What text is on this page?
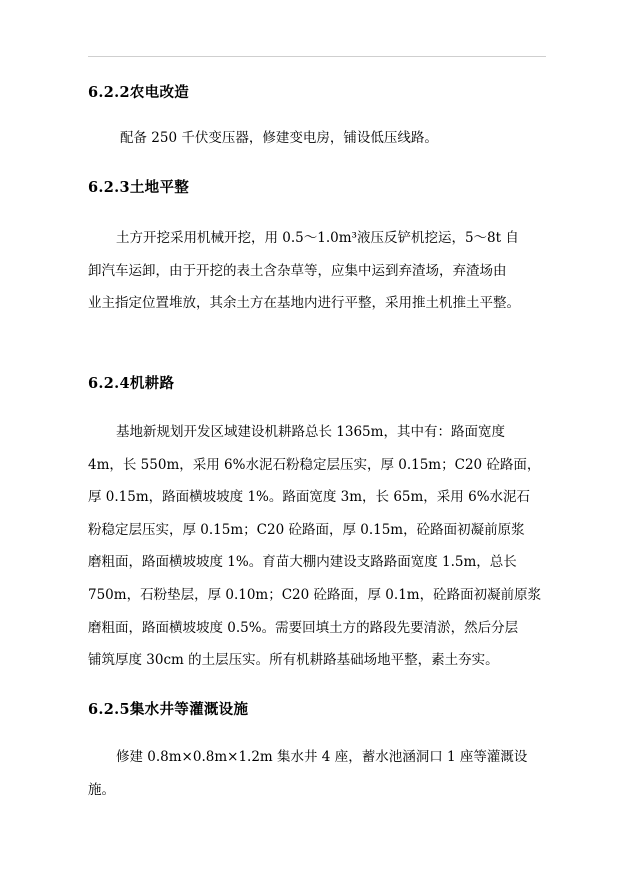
6.2.2农电改造
配备 250 千伏变压器，修建变电房，铺设低压线路。
6.2.3土地平整
土方开挖采用机械开挖，用 0.5～1.0m³液压反铲机挖运，5～8t 自
卸汽车运卸，由于开挖的表土含杂草等，应集中运到弃渣场，弃渣场由
业主指定位置堆放，其余土方在基地内进行平整，采用推土机推土平整。
6.2.4机耕路
基地新规划开发区域建设机耕路总长 1365m，其中有：路面宽度
4m，长 550m，采用 6%水泥石粉稳定层压实，厚 0.15m；C20 砼路面，
厚 0.15m，路面横坡坡度 1%。路面宽度 3m，长 65m，采用 6%水泥石
粉稳定层压实，厚 0.15m；C20 砼路面，厚 0.15m，砼路面初凝前原浆
磨粗面，路面横坡坡度 1%。育苗大棚内建设支路路面宽度 1.5m，总长
750m，石粉垫层，厚 0.10m；C20 砼路面，厚 0.1m，砼路面初凝前原浆
磨粗面，路面横坡坡度 0.5%。需要回填土方的路段先要清淤，然后分层
铺筑厚度 30cm 的土层压实。所有机耕路基础场地平整，素土夯实。
6.2.5集水井等灌溉设施
修建 0.8m×0.8m×1.2m 集水井 4 座，蓄水池涵洞口 1 座等灌溉设
施。
